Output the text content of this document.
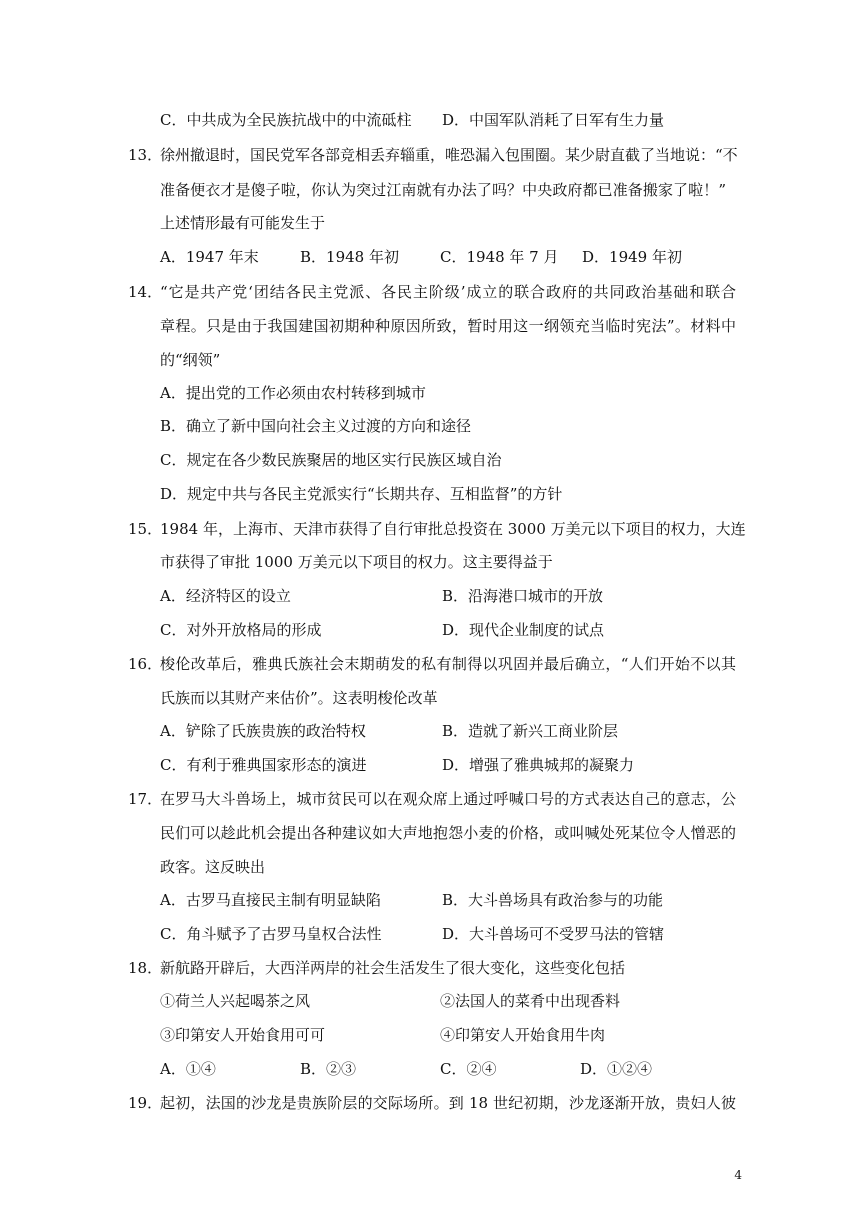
C．中共成为全民族抗战中的中流砥柱 D．中国军队消耗了日军有生力量
13．
徐州撤退时，国民党军各部竞相丢弃辎重，唯恐漏入包围圈。某少尉直截了当地说：“不
准备便衣才是傻子啦，你认为突过江南就有办法了吗？中央政府都已准备搬家了啦！”
上述情形最有可能发生于
A．1947 年末	B．1948 年初	C．1948 年 7 月 D．1949 年初
14．
“它是共产党‘团结各民主党派、各民主阶级’成立的联合政府的共同政治基础和联合
章程。只是由于我国建国初期种种原因所致，暂时用这一纲领充当临时宪法”。材料中
的“纲领”
A．提出党的工作必须由农村转移到城市
B．确立了新中国向社会主义过渡的方向和途径
C．规定在各少数民族聚居的地区实行民族区域自治
D．规定中共与各民主党派实行“长期共存、互相监督”的方针
15．
1984 年，上海市、天津市获得了自行审批总投资在 3000 万美元以下项目的权力，大连
市获得了审批 1000 万美元以下项目的权力。这主要得益于
A．经济特区的设立	B．沿海港口城市的开放
C．对外开放格局的形成	D．现代企业制度的试点
16．
梭伦改革后，雅典氏族社会末期萌发的私有制得以巩固并最后确立，“人们开始不以其
氏族而以其财产来估价”。这表明梭伦改革
A．铲除了氏族贵族的政治特权	B．造就了新兴工商业阶层
C．有利于雅典国家形态的演进	D．增强了雅典城邦的凝聚力
17．
在罗马大斗兽场上，城市贫民可以在观众席上通过呼喊口号的方式表达自己的意志，公
民们可以趁此机会提出各种建议如大声地抱怨小麦的价格，或叫喊处死某位令人憎恶的
政客。这反映出
A．古罗马直接民主制有明显缺陷	B．大斗兽场具有政治参与的功能
C．角斗赋予了古罗马皇权合法性	D．大斗兽场可不受罗马法的管辖
18．
新航路开辟后，大西洋两岸的社会生活发生了很大变化，这些变化包括
①荷兰人兴起喝茶之风	②法国人的菜肴中出现香料
③印第安人开始食用可可	④印第安人开始食用牛肉
A．①④	B．②③	C．②④	D．①②④
19．
起初，法国的沙龙是贵族阶层的交际场所。到 18 世纪初期，沙龙逐渐开放，贵妇人彼
4
